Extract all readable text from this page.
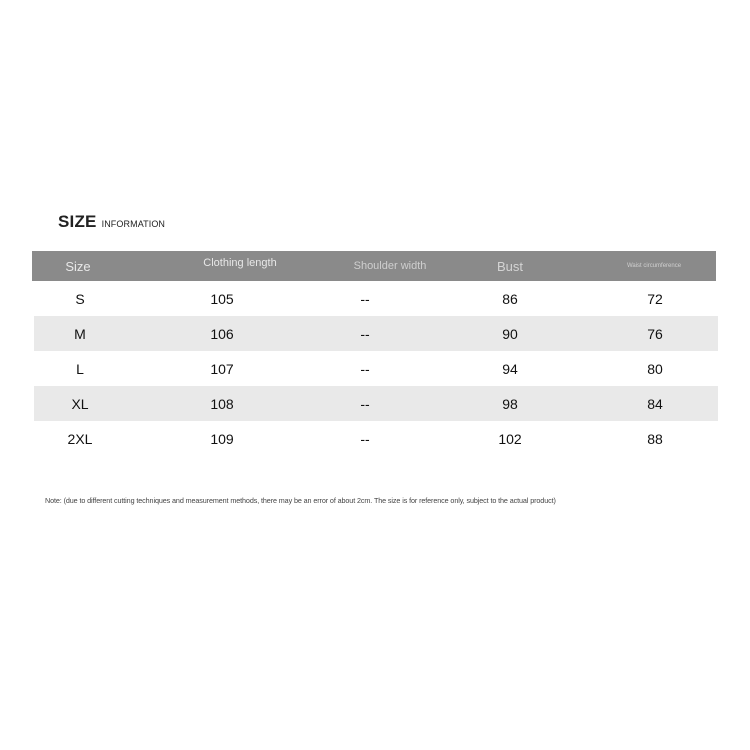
SIZE INFORMATION
Size	Clothing length	Shoulder width	Bust	Waist circumference
S	105	--	86	72
M	106	--	90	76
L	107	--	94	80
XL	108	--	98	84
2XL	109	--	102	88
Note: (due to different cutting techniques and measurement methods, there may be an error of about 2cm. The size is for reference only, subject to the actual product)
